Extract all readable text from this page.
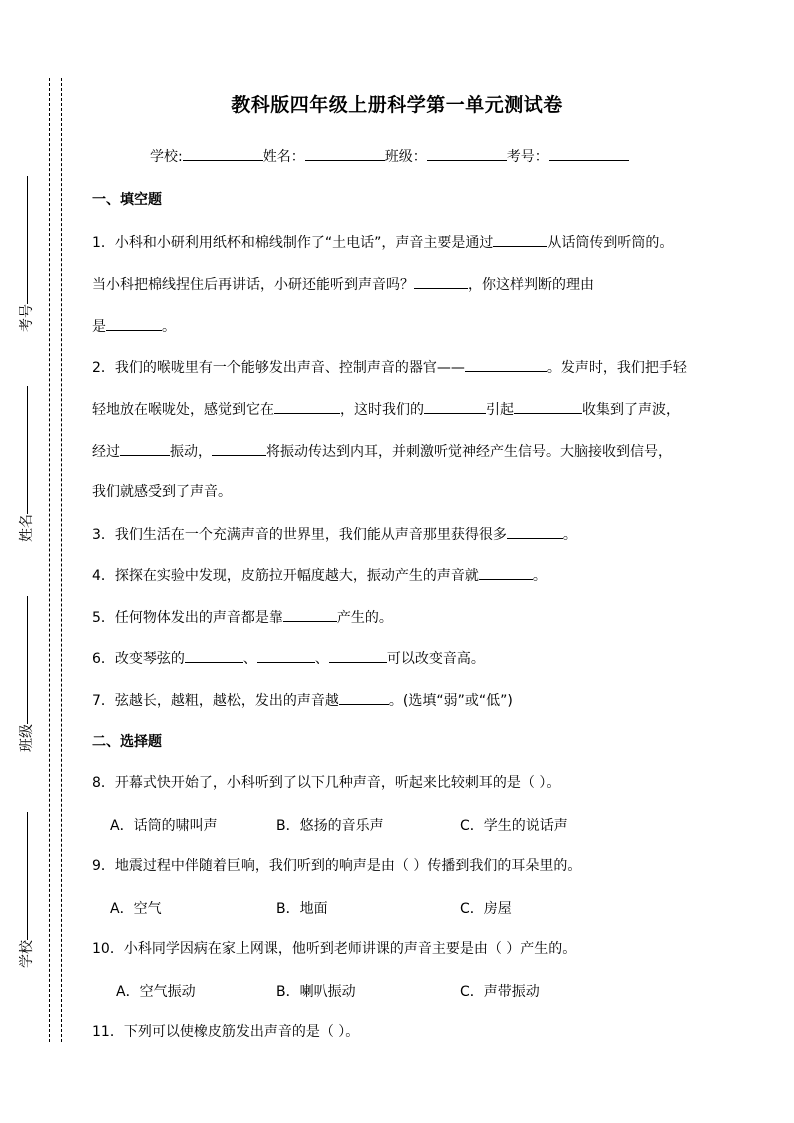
考号
姓名
班级
学校
教科版四年级上册科学第一单元测试卷
学校:	姓名：	班级：	考号：
一、填空题
1．小科和小研利用纸杯和棉线制作了“土电话”，声音主要是通过	从话筒传到听筒的。
当小科把棉线捏住后再讲话，小研还能听到声音吗？	，你这样判断的理由
是	。
2．我们的喉咙里有一个能够发出声音、控制声音的器官——	。发声时，我们把手轻
轻地放在喉咙处，感觉到它在	，这时我们的	引起	收集到了声波，
经过	振动，	将振动传达到内耳，并刺激听觉神经产生信号。大脑接收到信号，
我们就感受到了声音。
3．我们生活在一个充满声音的世界里，我们能从声音那里获得很多	。
4．探探在实验中发现，皮筋拉开幅度越大，振动产生的声音就	。
5．任何物体发出的声音都是靠	产生的。
6．改变琴弦的	、	、	可以改变音高。
7．弦越长，越粗，越松，发出的声音越	。(选填“弱”或“低”)
二、选择题
8．开幕式快开始了，小科听到了以下几种声音，听起来比较刺耳的是（ ）。
A．话筒的啸叫声	B．悠扬的音乐声	C．学生的说话声
9．地震过程中伴随着巨响，我们听到的响声是由（ ）传播到我们的耳朵里的。
A．空气	B．地面	C．房屋
10．小科同学因病在家上网课，他听到老师讲课的声音主要是由（ ）产生的。
A．空气振动	B．喇叭振动	C．声带振动
11．下列可以使橡皮筋发出声音的是（ ）。
